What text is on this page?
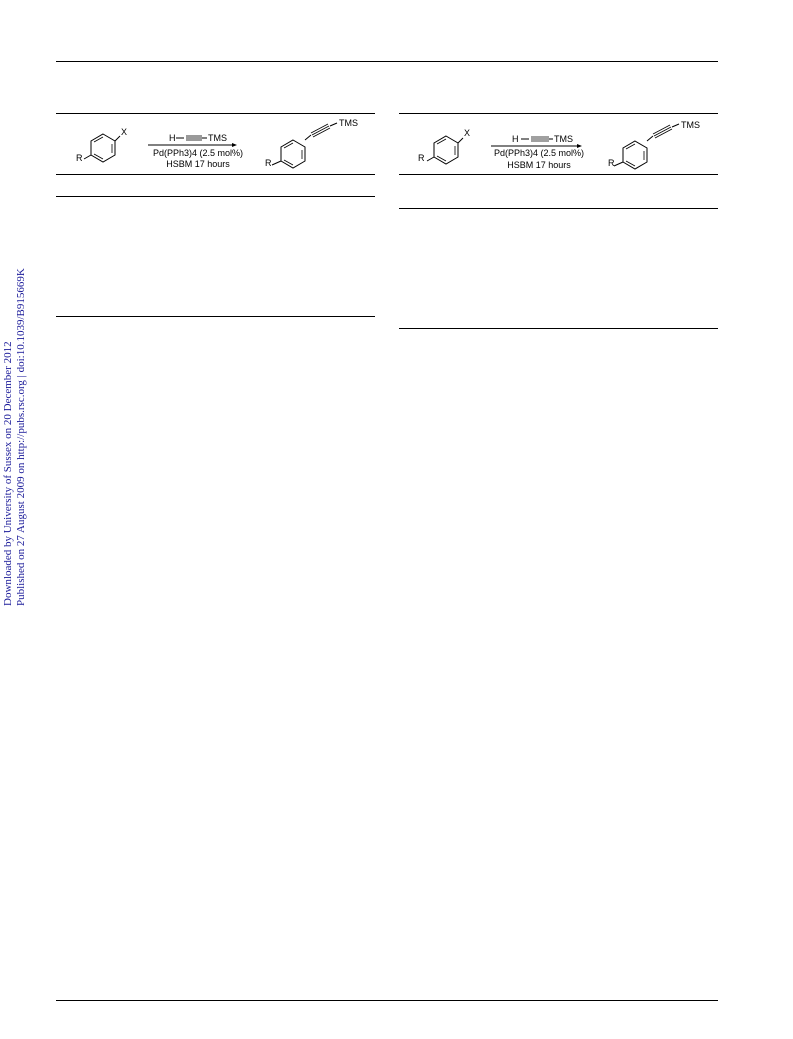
Downloaded by University of Sussex on 20 December 2012 Published on 27 August 2009 on http://pubs.rsc.org | doi:10.1039/B915669K
R
X
H	TMS
Pd(PPh3)4 (2.5 mol%)
HSBM 17 hours	R
TMS
R
X
H	TMS
Pd(PPh3)4 (2.5 mol%)
HSBM 17 hours	R
TMS
